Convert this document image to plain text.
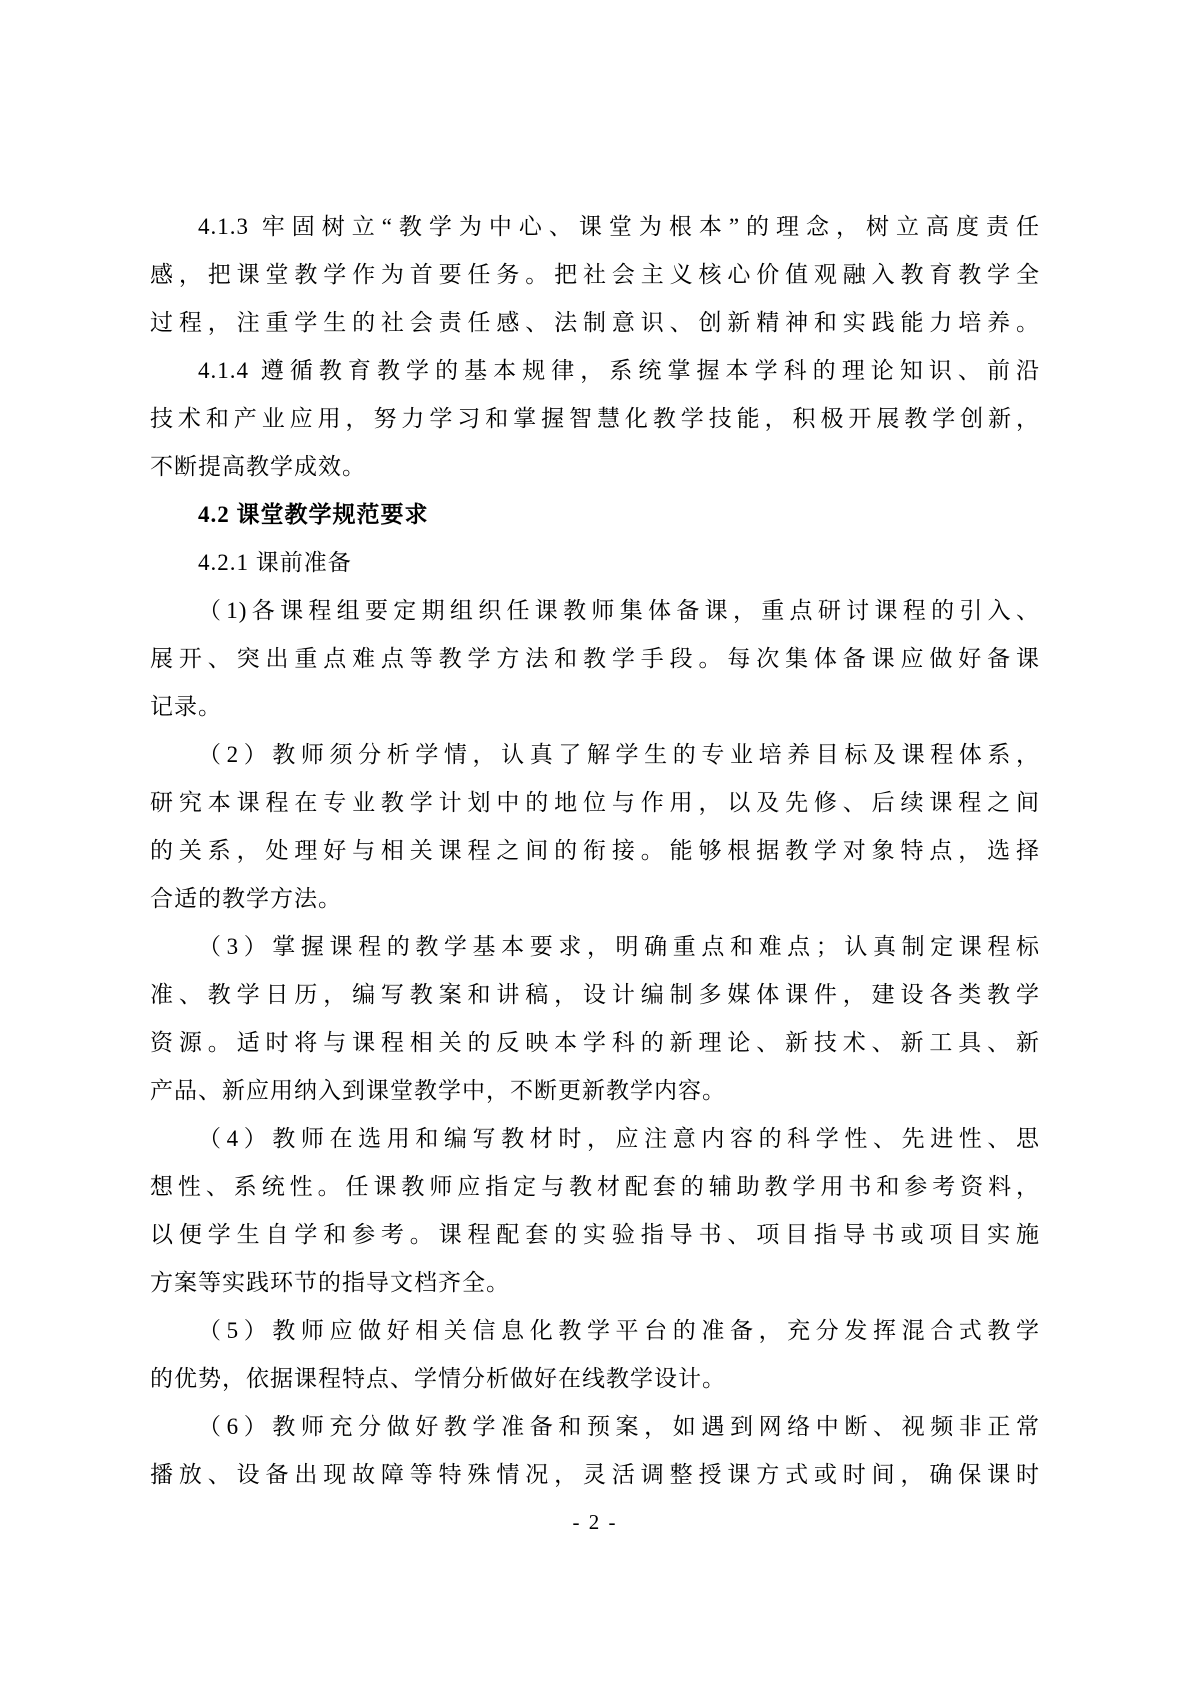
4.1.3 牢固树立“教学为中心、课堂为根本”的理念，树立高度责任
感，把课堂教学作为首要任务。把社会主义核心价值观融入教育教学全
过程，注重学生的社会责任感、法制意识、创新精神和实践能力培养。
4.1.4 遵循教育教学的基本规律，系统掌握本学科的理论知识、前沿
技术和产业应用，努力学习和掌握智慧化教学技能，积极开展教学创新，
不断提高教学成效。
4.2 课堂教学规范要求
4.2.1 课前准备
（1)各课程组要定期组织任课教师集体备课，重点研讨课程的引入、
展开、突出重点难点等教学方法和教学手段。每次集体备课应做好备课
记录。
（2）教师须分析学情，认真了解学生的专业培养目标及课程体系，
研究本课程在专业教学计划中的地位与作用，以及先修、后续课程之间
的关系，处理好与相关课程之间的衔接。能够根据教学对象特点，选择
合适的教学方法。
（3）掌握课程的教学基本要求，明确重点和难点；认真制定课程标
准、教学日历，编写教案和讲稿，设计编制多媒体课件，建设各类教学
资源。适时将与课程相关的反映本学科的新理论、新技术、新工具、新
产品、新应用纳入到课堂教学中，不断更新教学内容。
（4）教师在选用和编写教材时，应注意内容的科学性、先进性、思
想性、系统性。任课教师应指定与教材配套的辅助教学用书和参考资料，
以便学生自学和参考。课程配套的实验指导书、项目指导书或项目实施
方案等实践环节的指导文档齐全。
（5）教师应做好相关信息化教学平台的准备，充分发挥混合式教学
的优势，依据课程特点、学情分析做好在线教学设计。
（6）教师充分做好教学准备和预案，如遇到网络中断、视频非正常
播放、设备出现故障等特殊情况，灵活调整授课方式或时间，确保课时
- 2 -
